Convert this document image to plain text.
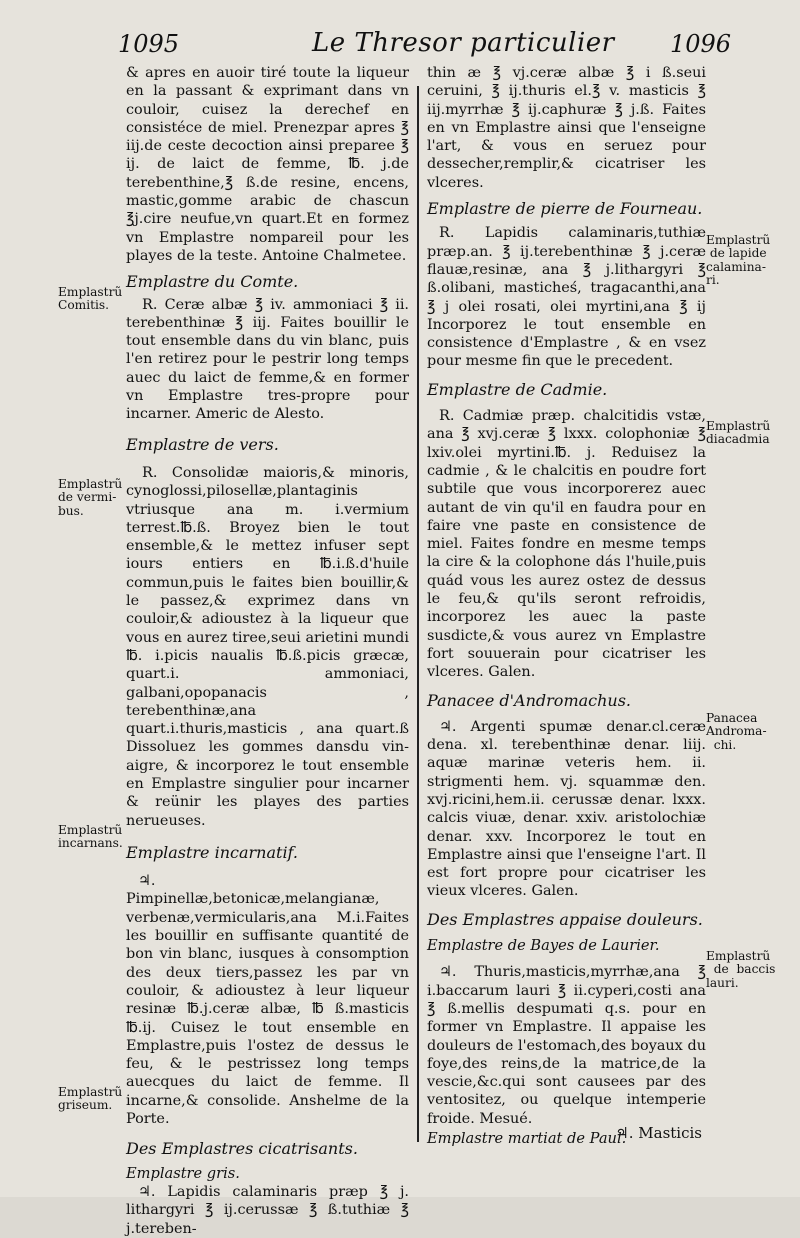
1095	Le Thresor particulier 1096

& apres en auoir tiré toute la liqueur en la passant & exprimant dans vn couloir, cuisez la derechef en consistéce de miel. Prenezpar apres ℥ iij.de ceste decoction ainsi preparee ℥ ij. de laict de femme, ℔. j.de terebenthine,℥ ß.de resine, encens, mastic,gomme arabic de chascun ℥j.cire neufue,vn quart.Et en formez vn Emplastre nompareil pour les playes de la teste. Antoine Chalmetee.

Emplastre du Comte.

R. Ceræ albæ ℥ iv. ammoniaci ℥ ii. terebenthinæ ℥ iij. Faites bouillir le tout ensemble dans du vin blanc, puis l'en retirez pour le pestrir long temps auec du laict de femme,& en former vn Emplastre tres-propre pour incarner. Americ de Alesto.

Emplastre de vers.

R. Consolidæ maioris,& minoris, cynoglossi,pilosellæ,plantaginis vtriusque ana m. i.vermium terrest.℔.ß. Broyez bien le tout ensemble,& le mettez infuser sept iours entiers en ℔.i.ß.d'huile commun,puis le faites bien bouillir,& le passez,& exprimez dans vn couloir,& adioustez à la liqueur que vous en aurez tiree,seui arietini mundi ℔. i.picis naualis ℔.ß.picis græcæ, quart.i. ammoniaci, galbani,opopanacis , terebenthinæ,ana quart.i.thuris,masticis , ana quart.ß Dissoluez les gommes dansdu vin-aigre, & incorporez le tout ensemble en Emplastre singulier pour incarner & reünir les playes des parties nerueuses.

Emplastre incarnatif.

♃. Pimpinellæ,betonicæ,melangianæ, verbenæ,vermicularis,ana M.i.Faites les bouillir en suffisante quantité de bon vin blanc, iusques à consomption des deux tiers,passez les par vn couloir, & adioustez à leur liqueur resinæ ℔.j.ceræ albæ, ℔ ß.masticis ℔.ij. Cuisez le tout ensemble en Emplastre,puis l'ostez de dessus le feu, & le pestrissez long temps auecques du laict de femme. Il incarne,& consolide. Anshelme de la Porte.

Des Emplastres cicatrisants.

Emplastre gris.

♃. Lapidis calaminaris præp ℥ j. lithargyri ℥ ij.cerussæ ℥ ß.tuthiæ ℥ j.tereben-

thin æ ℥ vj.ceræ albæ ℥ i ß.seui ceruini, ℥ ij.thuris el.℥ v. masticis ℥ iij.myrrhæ ℥ ij.caphuræ ℥ j.ß. Faites en vn Emplastre ainsi que l'enseigne l'art, & vous en seruez pour dessecher,remplir,& cicatriser les vlceres.

Emplastre de pierre de Fourneau.

R. Lapidis calaminaris,tuthiæ præp.an. ℥ ij.terebenthinæ ℥ j.ceræ flauæ,resinæ, ana ℥ j.lithargyri ℥ ß.olibani, masticheś, tragacanthi,ana ℥ j olei rosati, olei myrtini,ana ℥ ij Incorporez le tout ensemble en consistence d'Emplastre , & en vsez pour mesme fin que le precedent.

Emplastre de Cadmie.

R. Cadmiæ præp. chalcitidis vstæ, ana ℥ xvj.ceræ ℥ lxxx. colophoniæ ℥ lxiv.olei myrtini.℔. j. Reduisez la cadmie , & le chalcitis en poudre fort subtile que vous incorporerez auec autant de vin qu'il en faudra pour en faire vne paste en consistence de miel. Faites fondre en mesme temps la cire & la colophone dás l'huile,puis quád vous les aurez ostez de dessus le feu,& qu'ils seront refroidis, incorporez les auec la paste susdicte,& vous aurez vn Emplastre fort souuerain pour cicatriser les vlceres. Galen.

Panacee d'Andromachus.

♃. Argenti spumæ denar.cl.ceræ dena. xl. terebenthinæ denar. liij. aquæ marinæ veteris hem. ii. strigmenti hem. vj. squammæ den. xvj.ricini,hem.ii. cerussæ denar. lxxx. calcis viuæ, denar. xxiv. aristolochiæ denar. xxv. Incorporez le tout en Emplastre ainsi que l'enseigne l'art. Il est fort propre pour cicatriser les vieux vlceres. Galen.

Des Emplastres appaise douleurs.

Emplastre de Bayes de Laurier.

♃. Thuris,masticis,myrrhæ,ana ℥ i.baccarum lauri ℥ ii.cyperi,costi ana ℥ ß.mellis despumati q.s. pour en former vn Emplastre. Il appaise les douleurs de l'estomach,des boyaux du foye,des reins,de la matrice,de la vescie,&c.qui sont causees par des ventositez, ou quelque intemperie froide. Mesué.

Emplastre martiat de Paul.

♃. Masticis
Emplastrũ
Comitis.
Emplastrũ
de vermi-
bus.
Emplastrũ
incarnans.
Emplastrũ
griseum.
Emplastrũ
de lapide
calamina-
ri.
Emplastrũ
diacadmia
Panacea
Androma-
chi.
Emplastrũ
de  baccis
lauri.
